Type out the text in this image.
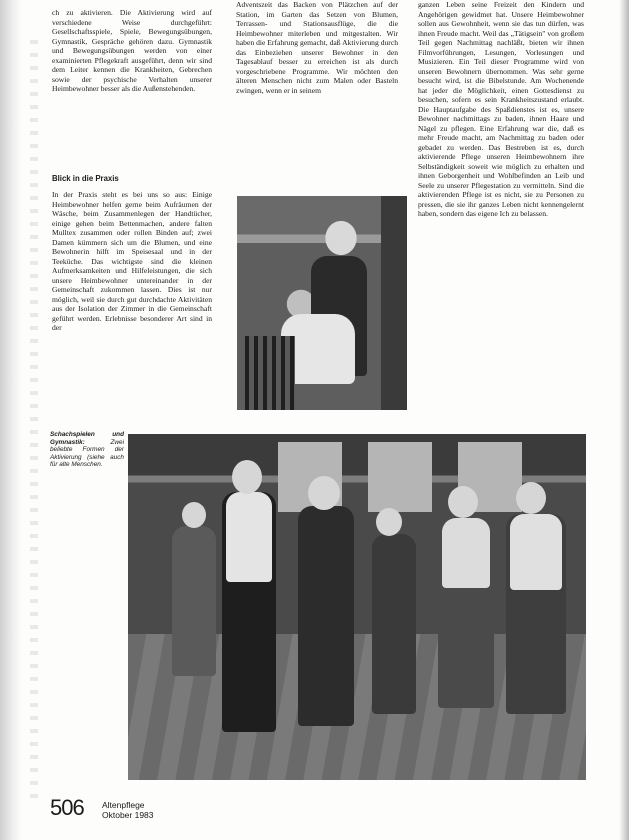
ch zu aktivieren. Die Aktivierung wird auf verschiedene Weise durchgeführt: Gesellschaftsspiele, Spiele, Bewegungsübungen, Gymnastik, Gespräche gehören dazu. Gymnastik und Bewegungsübungen werden von einer examinierten Pflegekraft ausgeführt, denn wir sind dem Leiter kennen die Krankheiten, Gebrechen sowie der psychische Verhalten unserer Heimbewohner besser als die Außenstehenden.

Blick in die Praxis

In der Praxis steht es bei uns so aus: Einige Heimbewohner helfen gerne beim Aufräumen der Wäsche, beim Zusammenlegen der Handtücher, einige gehen beim Bettenmachen, andere falten Mulltex zusammen oder rollen Binden auf; zwei Damen kümmern sich um die Blumen, und eine Bewohnerin hilft im Speisesaal und in der Teeküche. Das wichtigste sind die kleinen Aufmerksamkeiten und Hilfeleistungen, die sich unsere Heimbewohner untereinander in der Gemeinschaft zukommen lassen. Dies ist nur möglich, weil sie durch gut durchdachte Aktivitäten aus der Isolation der Zimmer in die Gemeinschaft geführt werden. Erlebnisse besonderer Art sind in der

Adventszeit das Backen von Plätzchen auf der Station, im Garten das Setzen von Blumen, Terrassen- und Stationsausflüge, die die Heimbewohner miterleben und mitgestalten. Wir haben die Erfahrung gemacht, daß Aktivierung durch das Einbeziehen unserer Bewohner in den Tagesablauf besser zu erreichen ist als durch vorgeschriebene Programme. Wir möchten den älteren Menschen nicht zum Malen oder Basteln zwingen, wenn er in seinem

ganzen Leben seine Freizeit den Kindern und Angehörigen gewidmet hat. Unsere Heimbewohner sollen aus Gewohnheit, wenn sie das tun dürfen, was ihnen Freude macht. Weil das „Tätigsein" von großem Teil gegen Nachmittag nachläßt, bieten wir ihnen Filmvorführungen, Lesungen, Vorlesungen und Musizieren. Ein Teil dieser Programme wird von unseren Bewohnern übernommen. Was sehr gerne besucht wird, ist die Bibelstunde. Am Wochenende hat jeder die Möglichkeit, einen Gottesdienst zu besuchen, sofern es sein Krankheitszustand erlaubt. Die Hauptaufgabe des Spaßdienstes ist es, unsere Bewohner nachmittags zu baden, ihnen Haare und Nägel zu pflegen. Eine Erfahrung war die, daß es mehr Freude macht, am Nachmittag zu baden oder gebadet zu werden. Das Bestreben ist es, durch aktivierende Pflege unseren Heimbewohnern ihre Selbständigkeit soweit wie möglich zu erhalten und ihnen Geborgenheit und Wohlbefinden an Leib und Seele zu unserer Pflegestation zu vermitteln. Sind die aktivierenden Pflege ist es nicht, sie zu Personen zu pressen, die sie ihr ganzes Leben nicht kennengelernt haben, sondern das eigene Ich zu belassen.

Schachspielen und Gymnastik:	Zwei beliebte Formen der Aktivierung (siehe auch für alte Menschen.
506 Altenpflege
Oktober 1983
